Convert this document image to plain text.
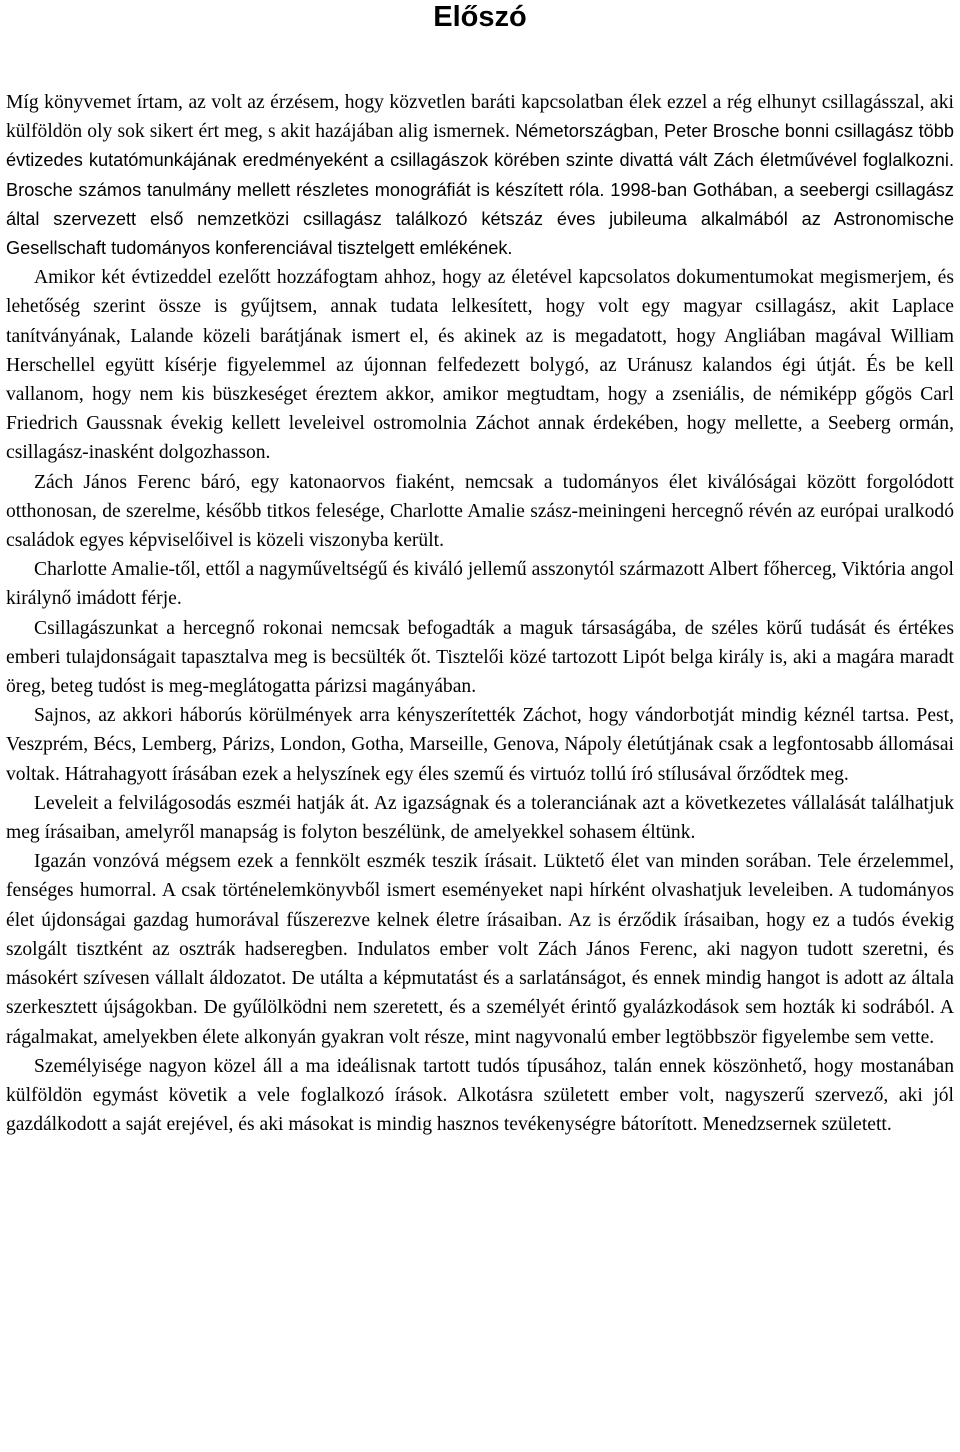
Előszó

Míg könyvemet írtam, az volt az érzésem, hogy közvetlen baráti kapcsolatban élek ezzel a rég elhunyt csillagásszal, aki külföldön oly sok sikert ért meg, s akit hazájában alig ismernek. Németországban, Peter Brosche bonni csillagász több évtizedes kutatómunkájának eredményeként a csillagászok körében szinte divattá vált Zách életművével foglalkozni. Brosche számos tanulmány mellett részletes monográfiát is készített róla. 1998-ban Gothában, a seebergi csillagász által szervezett első nemzetközi csillagász találkozó kétszáz éves jubileuma alkalmából az Astronomische Gesellschaft tudományos konferenciával tisztelgett emlékének.

Amikor két évtizeddel ezelőtt hozzáfogtam ahhoz, hogy az életével kapcsolatos dokumentumokat megismerjem, és lehetőség szerint össze is gyűjtsem, annak tudata lelkesített, hogy volt egy magyar csillagász, akit Laplace tanítványának, Lalande közeli barátjának ismert el, és akinek az is megadatott, hogy Angliában magával William Herschellel együtt kísérje figyelemmel az újonnan felfedezett bolygó, az Uránusz kalandos égi útját. És be kell vallanom, hogy nem kis büszkeséget éreztem akkor, amikor megtudtam, hogy a zseniális, de némiképp gőgös Carl Friedrich Gaussnak évekig kellett leveleivel ostromolnia Záchot annak érdekében, hogy mellette, a Seeberg ormán, csillagász-inasként dolgozhasson.

Zách János Ferenc báró, egy katonaorvos fiaként, nemcsak a tudományos élet kiválóságai között forgolódott otthonosan, de szerelme, később titkos felesége, Charlotte Amalie szász-meiningeni hercegnő révén az európai uralkodó családok egyes képviselőivel is közeli viszonyba került.

Charlotte Amalie-től, ettől a nagyműveltségű és kiváló jellemű asszonytól származott Albert főherceg, Viktória angol királynő imádott férje.

Csillagászunkat a hercegnő rokonai nemcsak befogadták a maguk társaságába, de széles körű tudását és értékes emberi tulajdonságait tapasztalva meg is becsülték őt. Tisztelői közé tartozott Lipót belga király is, aki a magára maradt öreg, beteg tudóst is meg-meglátogatta párizsi magányában.

Sajnos, az akkori háborús körülmények arra kényszerítették Záchot, hogy vándorbotját mindig kéznél tartsa. Pest, Veszprém, Bécs, Lemberg, Párizs, London, Gotha, Marseille, Genova, Nápoly életútjának csak a legfontosabb állomásai voltak. Hátrahagyott írásában ezek a helyszínek egy éles szemű és virtuóz tollú író stílusával őrződtek meg.

Leveleit a felvilágosodás eszméi hatják át. Az igazságnak és a toleranciának azt a következetes vállalását találhatjuk meg írásaiban, amelyről manapság is folyton beszélünk, de amelyekkel sohasem éltünk.

Igazán vonzóvá mégsem ezek a fennkölt eszmék teszik írásait. Lüktető élet van minden sorában. Tele érzelemmel, fenséges humorral. A csak történelemkönyvből ismert eseményeket napi hírként olvashatjuk leveleiben. A tudományos élet újdonságai gazdag humorával fűszerezve kelnek életre írásaiban. Az is érződik írásaiban, hogy ez a tudós évekig szolgált tisztként az osztrák hadseregben. Indulatos ember volt Zách János Ferenc, aki nagyon tudott szeretni, és másokért szívesen vállalt áldozatot. De utálta a képmutatást és a sarlatánságot, és ennek mindig hangot is adott az általa szerkesztett újságokban. De gyűlölködni nem szeretett, és a személyét érintő gyalázkodások sem hozták ki sodrából. A rágalmakat, amelyekben élete alkonyán gyakran volt része, mint nagyvonalú ember legtöbbször figyelembe sem vette.

Személyisége nagyon közel áll a ma ideálisnak tartott tudós típusához, talán ennek köszönhető, hogy mostanában külföldön egymást követik a vele foglalkozó írások. Alkotásra született ember volt, nagyszerű szervező, aki jól gazdálkodott a saját erejével, és aki másokat is mindig hasznos tevékenységre bátorított. Menedzsernek született.
